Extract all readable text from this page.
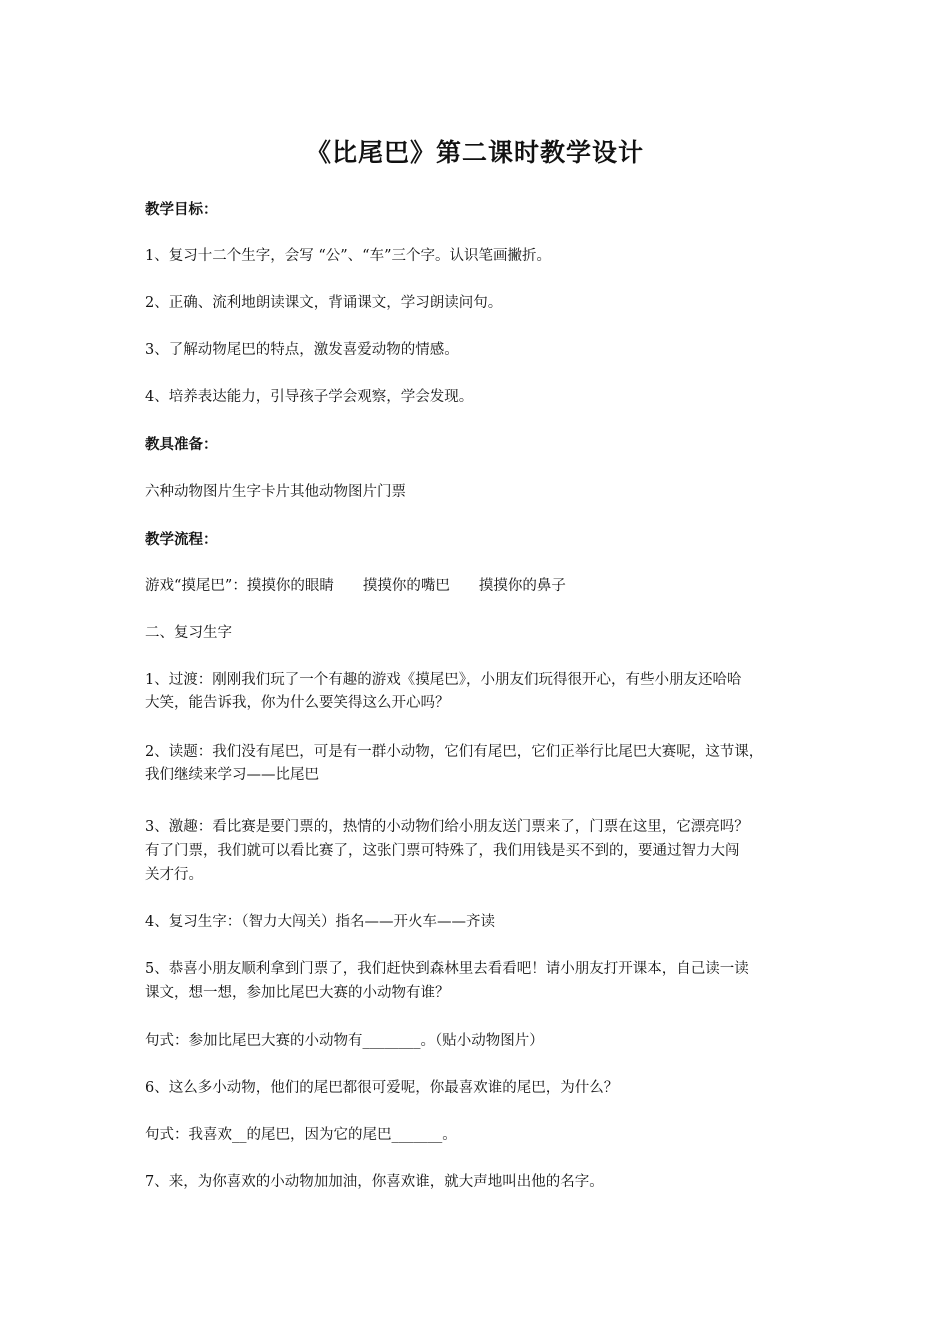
《比尾巴》第二课时教学设计
教学目标：
1、复习十二个生字，会写 “公”、“车”三个字。认识笔画撇折。
2、正确、流利地朗读课文，背诵课文，学习朗读问句。
3、了解动物尾巴的特点，激发喜爱动物的情感。
4、培养表达能力，引导孩子学会观察，学会发现。
教具准备：
六种动物图片生字卡片其他动物图片门票
教学流程：
游戏“摸尾巴”：摸摸你的眼睛　　摸摸你的嘴巴　　摸摸你的鼻子
二、复习生字
1、过渡：刚刚我们玩了一个有趣的游戏《摸尾巴》，小朋友们玩得很开心，有些小朋友还哈哈
大笑，能告诉我，你为什么要笑得这么开心吗？
2、读题：我们没有尾巴，可是有一群小动物，它们有尾巴，它们正举行比尾巴大赛呢，这节课，
我们继续来学习——比尾巴
3、激趣：看比赛是要门票的，热情的小动物们给小朋友送门票来了，门票在这里，它漂亮吗？
有了门票，我们就可以看比赛了，这张门票可特殊了，我们用钱是买不到的，要通过智力大闯
关才行。
4、复习生字：（智力大闯关）指名——开火车——齐读
5、恭喜小朋友顺利拿到门票了，我们赶快到森林里去看看吧！请小朋友打开课本，自己读一读
课文，想一想，参加比尾巴大赛的小动物有谁？
句式：参加比尾巴大赛的小动物有________。（贴小动物图片）
6、这么多小动物，他们的尾巴都很可爱呢，你最喜欢谁的尾巴，为什么？
句式：我喜欢__的尾巴，因为它的尾巴_______。
7、来，为你喜欢的小动物加加油，你喜欢谁，就大声地叫出他的名字。
